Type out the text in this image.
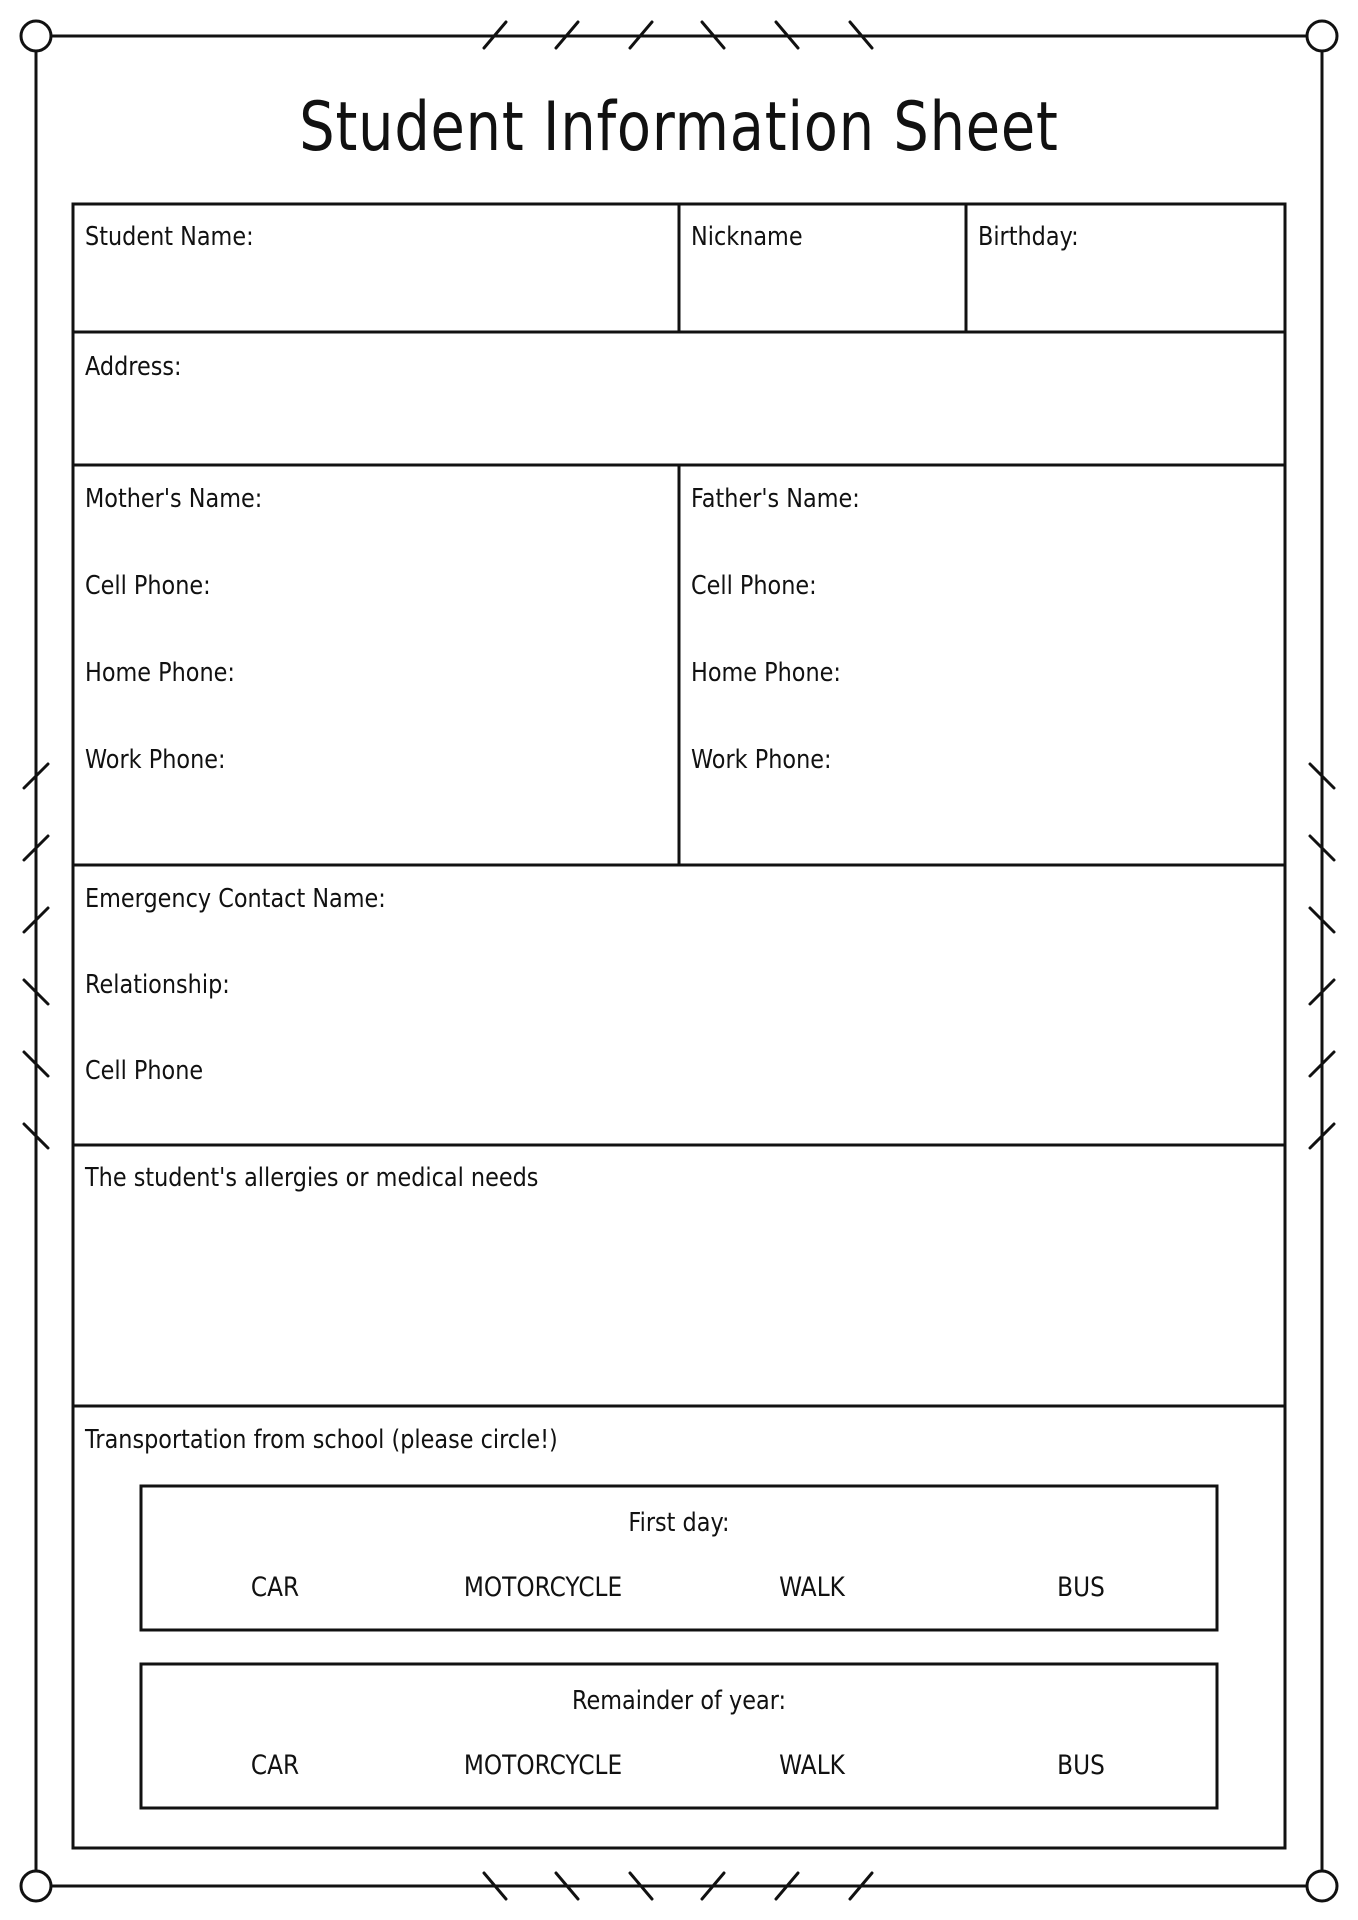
Student Information Sheet
Student Name:	Nickname	Birthday:
Address:
Mother's Name:
Cell Phone:
Home Phone:
Work Phone:
Father's Name:
Cell Phone:
Home Phone:
Work Phone:
Emergency Contact Name:
Relationship:
Cell Phone
The student's allergies or medical needs
Transportation from school (please circle!)
First day:
CAR	MOTORCYCLE	WALK	BUS
Remainder of year:
CAR	MOTORCYCLE	WALK	BUS
